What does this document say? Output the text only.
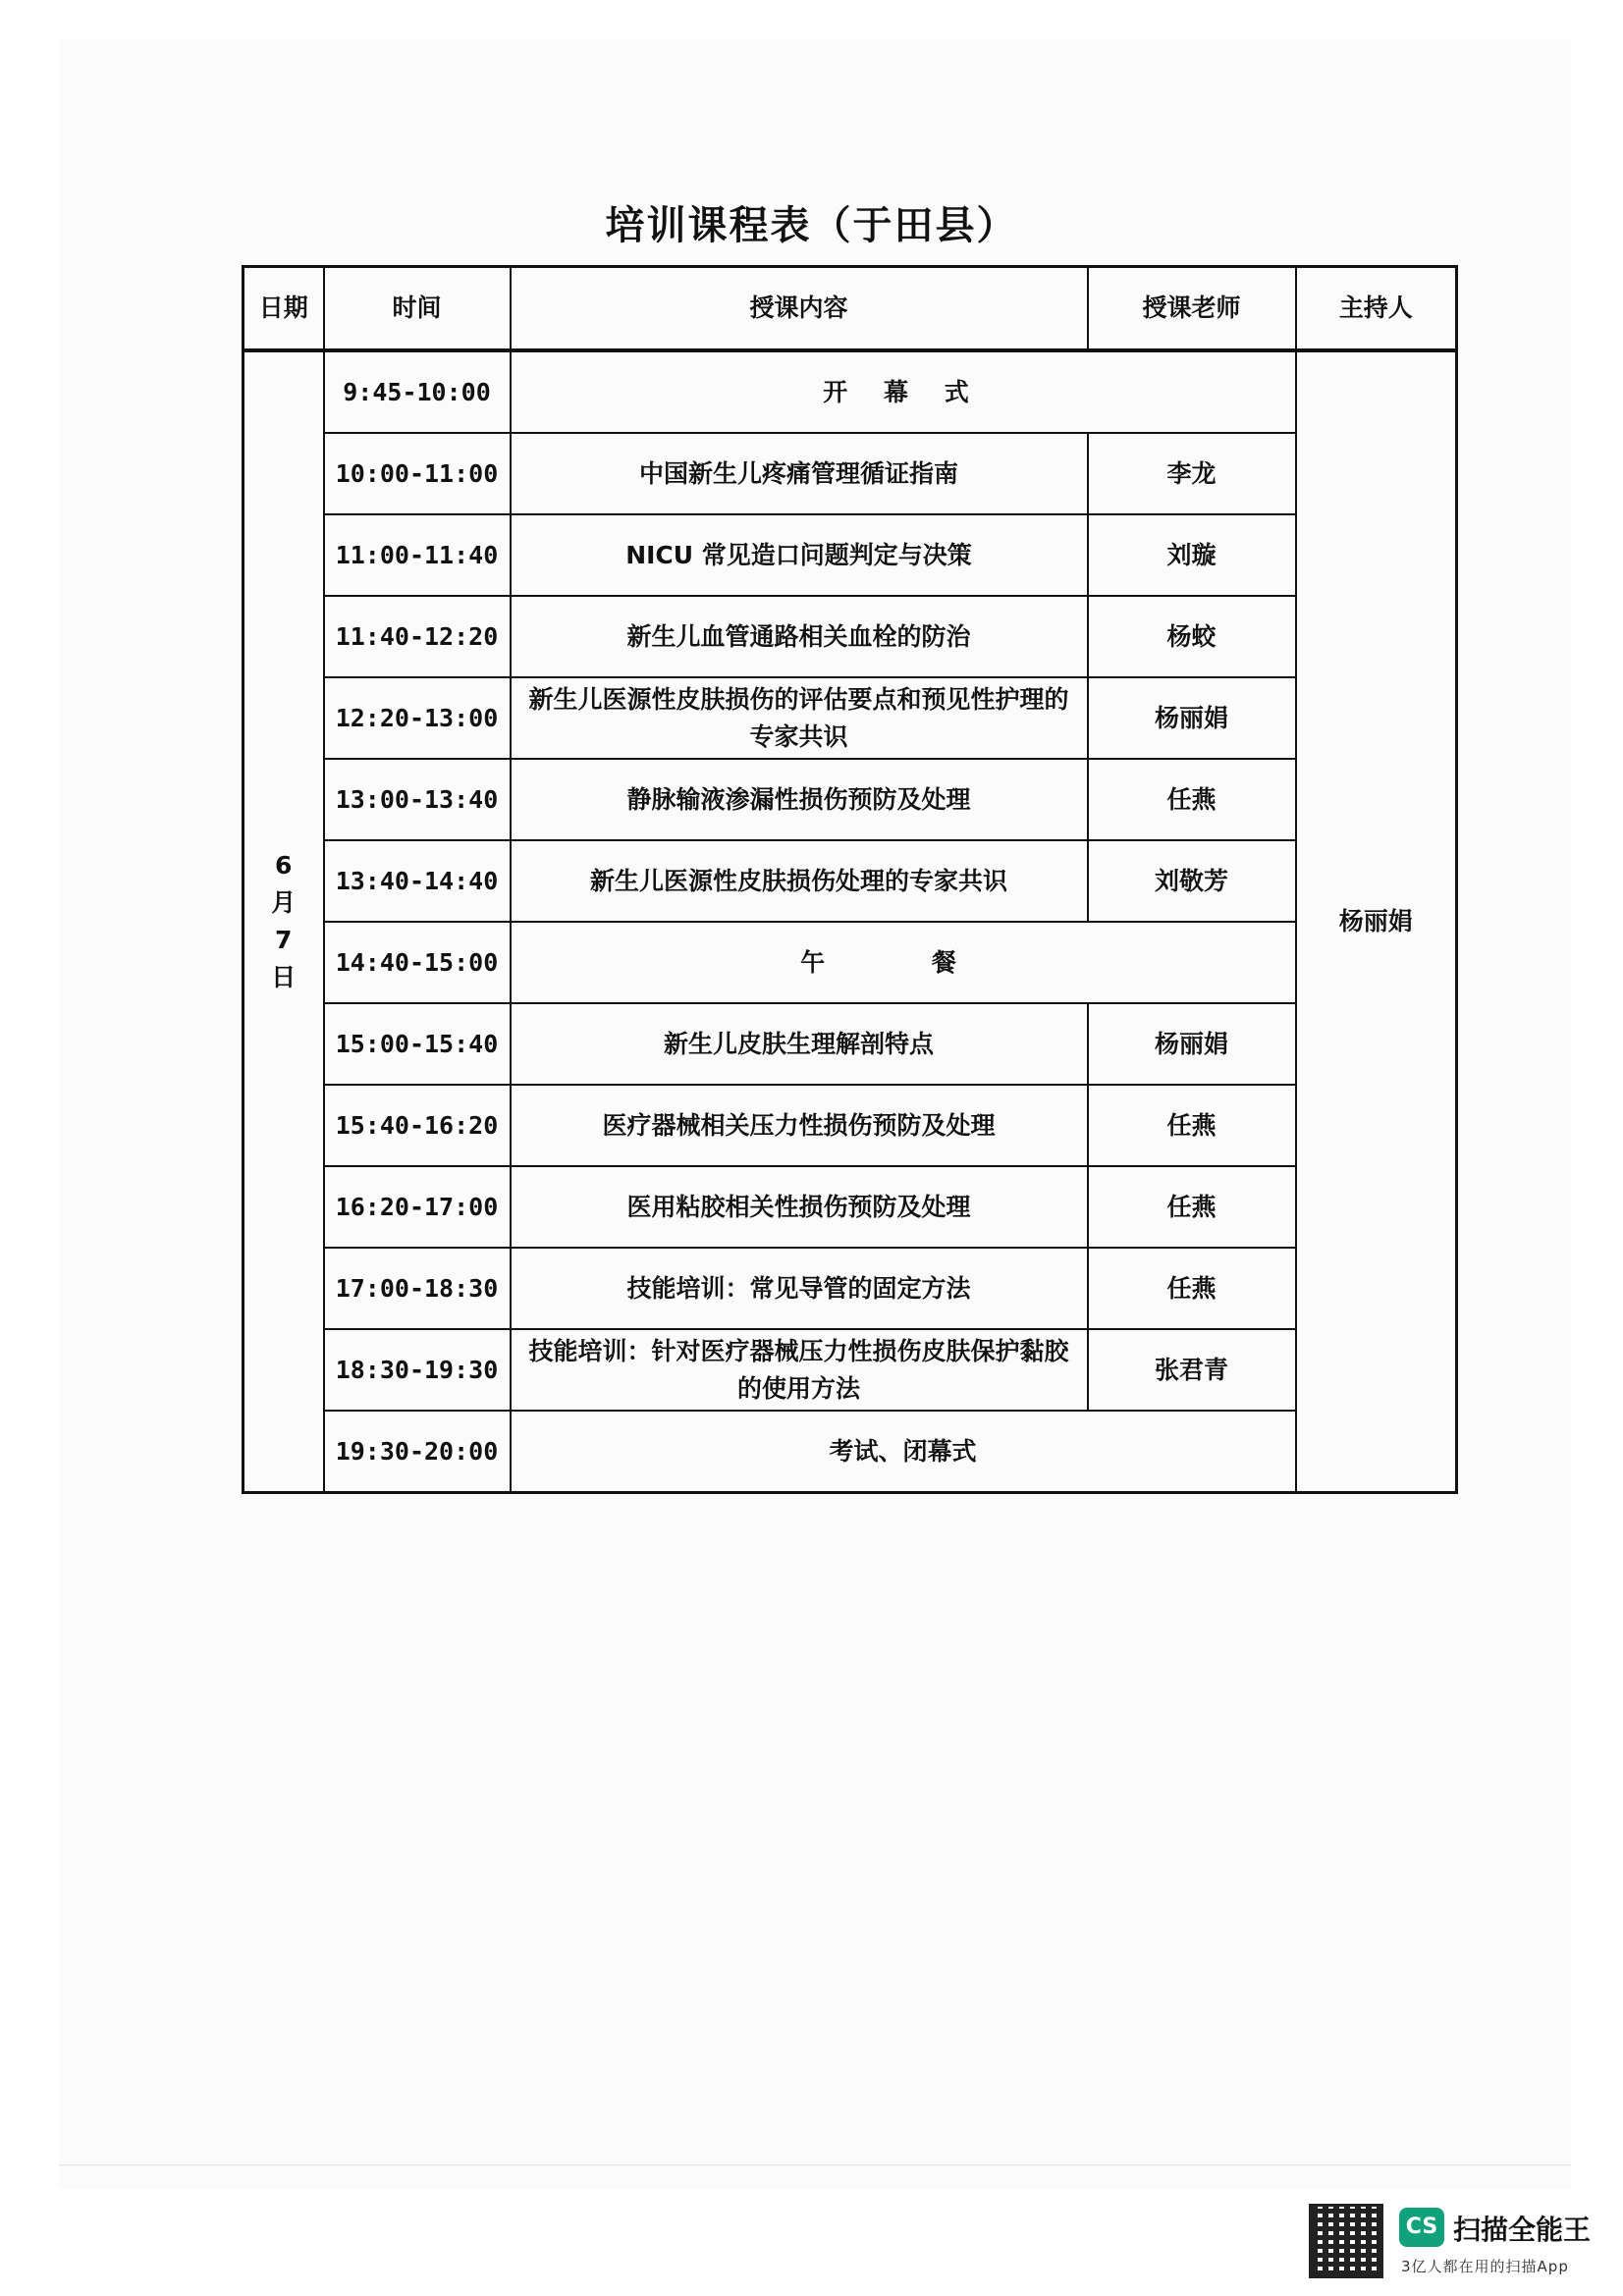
培训课程表（于田县）
日期	时间	授课内容	授课老师	主持人

6
月
7
日	9:45-10:00	开 幕 式		杨丽娟
	10:00-11:00	中国新生儿疼痛管理循证指南	李龙	
	11:00-11:40	NICU 常见造口问题判定与决策	刘璇	
	11:40-12:20	新生儿血管通路相关血栓的防治	杨蛟	
	12:20-13:00	新生儿医源性皮肤损伤的评估要点和预见性护理的专家共识	杨丽娟	
	13:00-13:40	静脉输液渗漏性损伤预防及处理	任燕	
	13:40-14:40	新生儿医源性皮肤损伤处理的专家共识	刘敬芳	
	14:40-15:00	午 餐		
	15:00-15:40	新生儿皮肤生理解剖特点	杨丽娟	
	15:40-16:20	医疗器械相关压力性损伤预防及处理	任燕	
	16:20-17:00	医用粘胶相关性损伤预防及处理	任燕	
	17:00-18:30	技能培训：常见导管的固定方法	任燕	
	18:30-19:30	技能培训：针对医疗器械压力性损伤皮肤保护黏胶的使用方法	张君青	
	19:30-20:00	考试、闭幕式		
CS 扫描全能王
3亿人都在用的扫描App
